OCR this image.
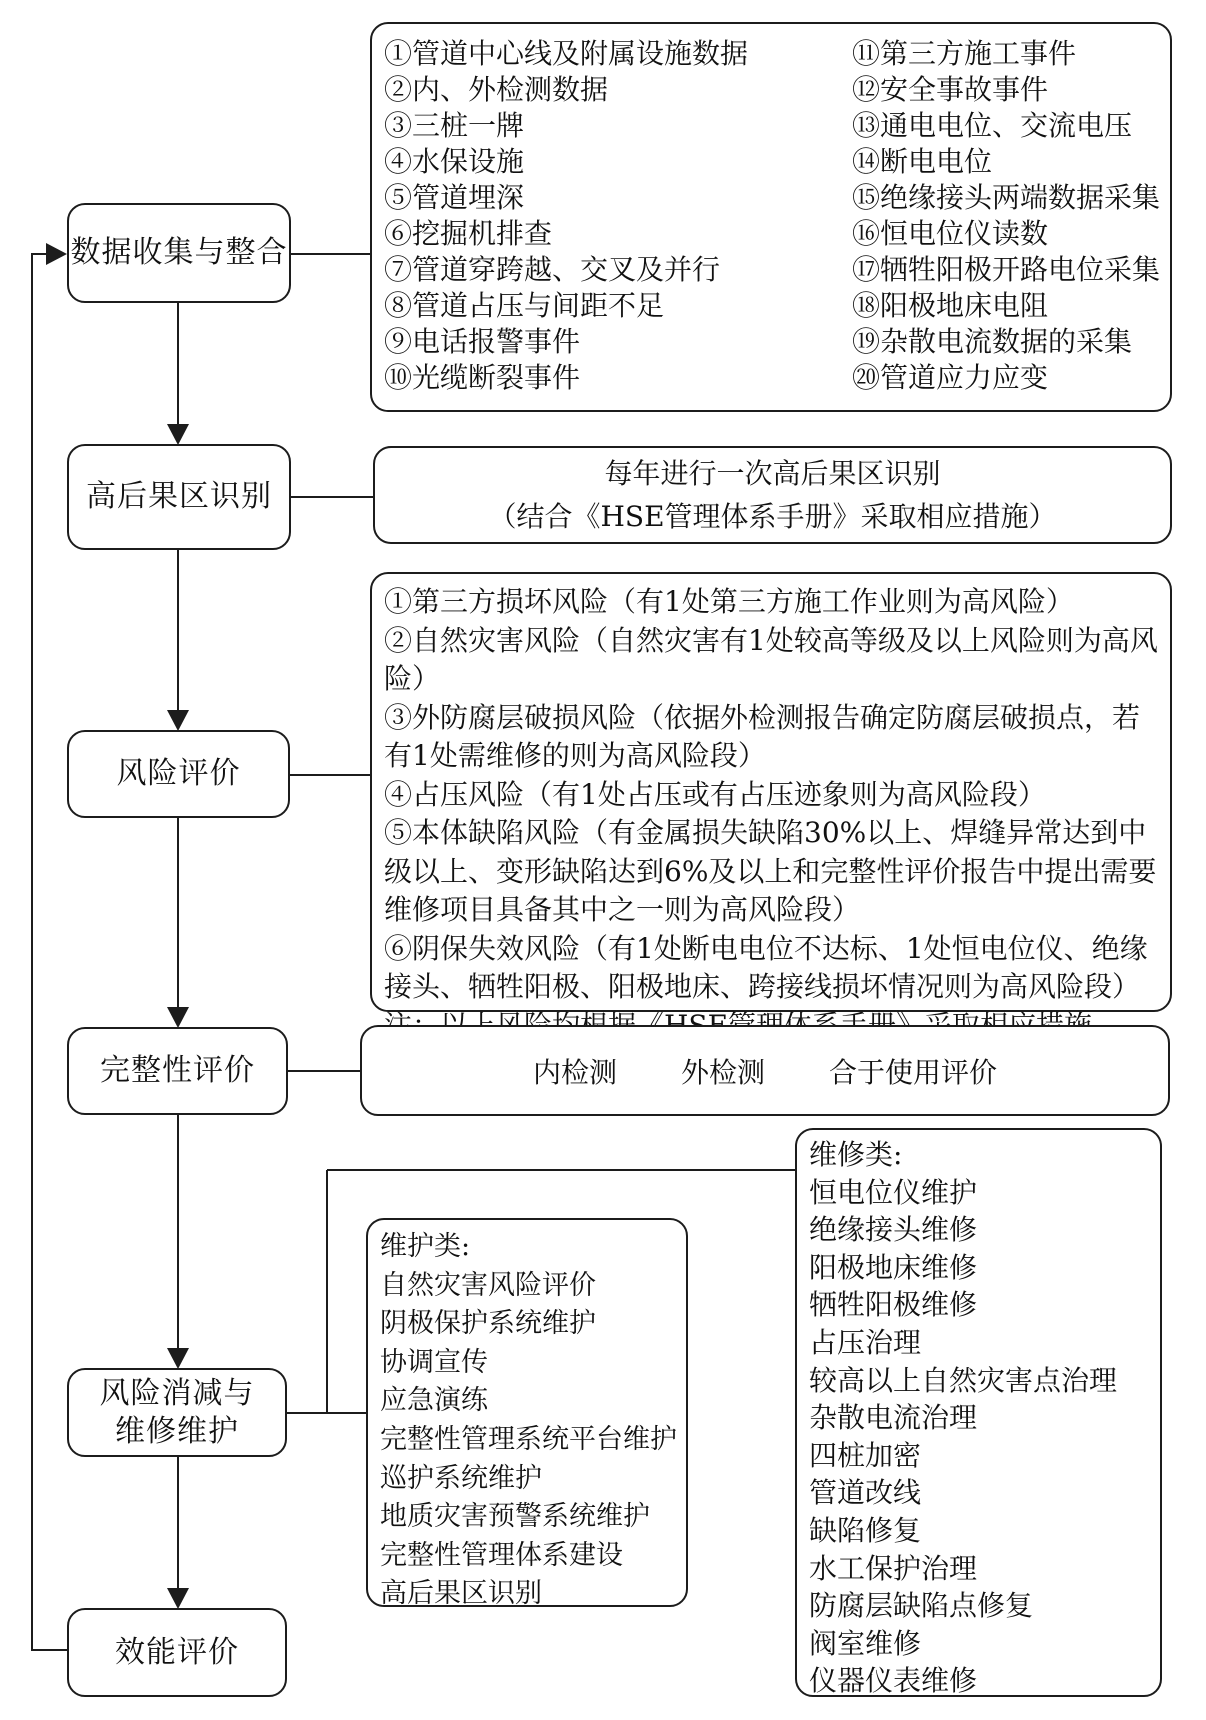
数据收集与整合
高后果区识别
风险评价
完整性评价
风险消减与
维修维护
效能评价
①管道中心线及附属设施数据
②内、外检测数据
③三桩一牌
④水保设施
⑤管道埋深
⑥挖掘机排查
⑦管道穿跨越、交叉及并行
⑧管道占压与间距不足
⑨电话报警事件
⑩光缆断裂事件
⑪第三方施工事件
⑫安全事故事件
⑬通电电位、交流电压
⑭断电电位
⑮绝缘接头两端数据采集
⑯恒电位仪读数
⑰牺牲阳极开路电位采集
⑱阳极地床电阻
⑲杂散电流数据的采集
⑳管道应力应变
每年进行一次高后果区识别
（结合《HSE管理体系手册》采取相应措施）
①第三方损坏风险（有1处第三方施工作业则为高风险）
②自然灾害风险（自然灾害有1处较高等级及以上风险则为高风险）
③外防腐层破损风险（依据外检测报告确定防腐层破损点，若有1处需维修的则为高风险段）
④占压风险（有1处占压或有占压迹象则为高风险段）
⑤本体缺陷风险（有金属损失缺陷30%以上、焊缝异常达到中级以上、变形缺陷达到6%及以上和完整性评价报告中提出需要维修项目具备其中之一则为高风险段）
⑥阴保失效风险（有1处断电电位不达标、1处恒电位仪、绝缘接头、牺牲阳极、阳极地床、跨接线损坏情况则为高风险段）
内检测 外检测 合于使用评价
维护类:
自然灾害风险评价
阴极保护系统维护
协调宣传
应急演练
完整性管理系统平台维护
巡护系统维护
地质灾害预警系统维护
完整性管理体系建设
高后果区识别
维修类:
恒电位仪维护
绝缘接头维修
阳极地床维修
牺牲阳极维修
占压治理
较高以上自然灾害点治理
杂散电流治理
四桩加密
管道改线
缺陷修复
水工保护治理
防腐层缺陷点修复
阀室维修
仪器仪表维修
